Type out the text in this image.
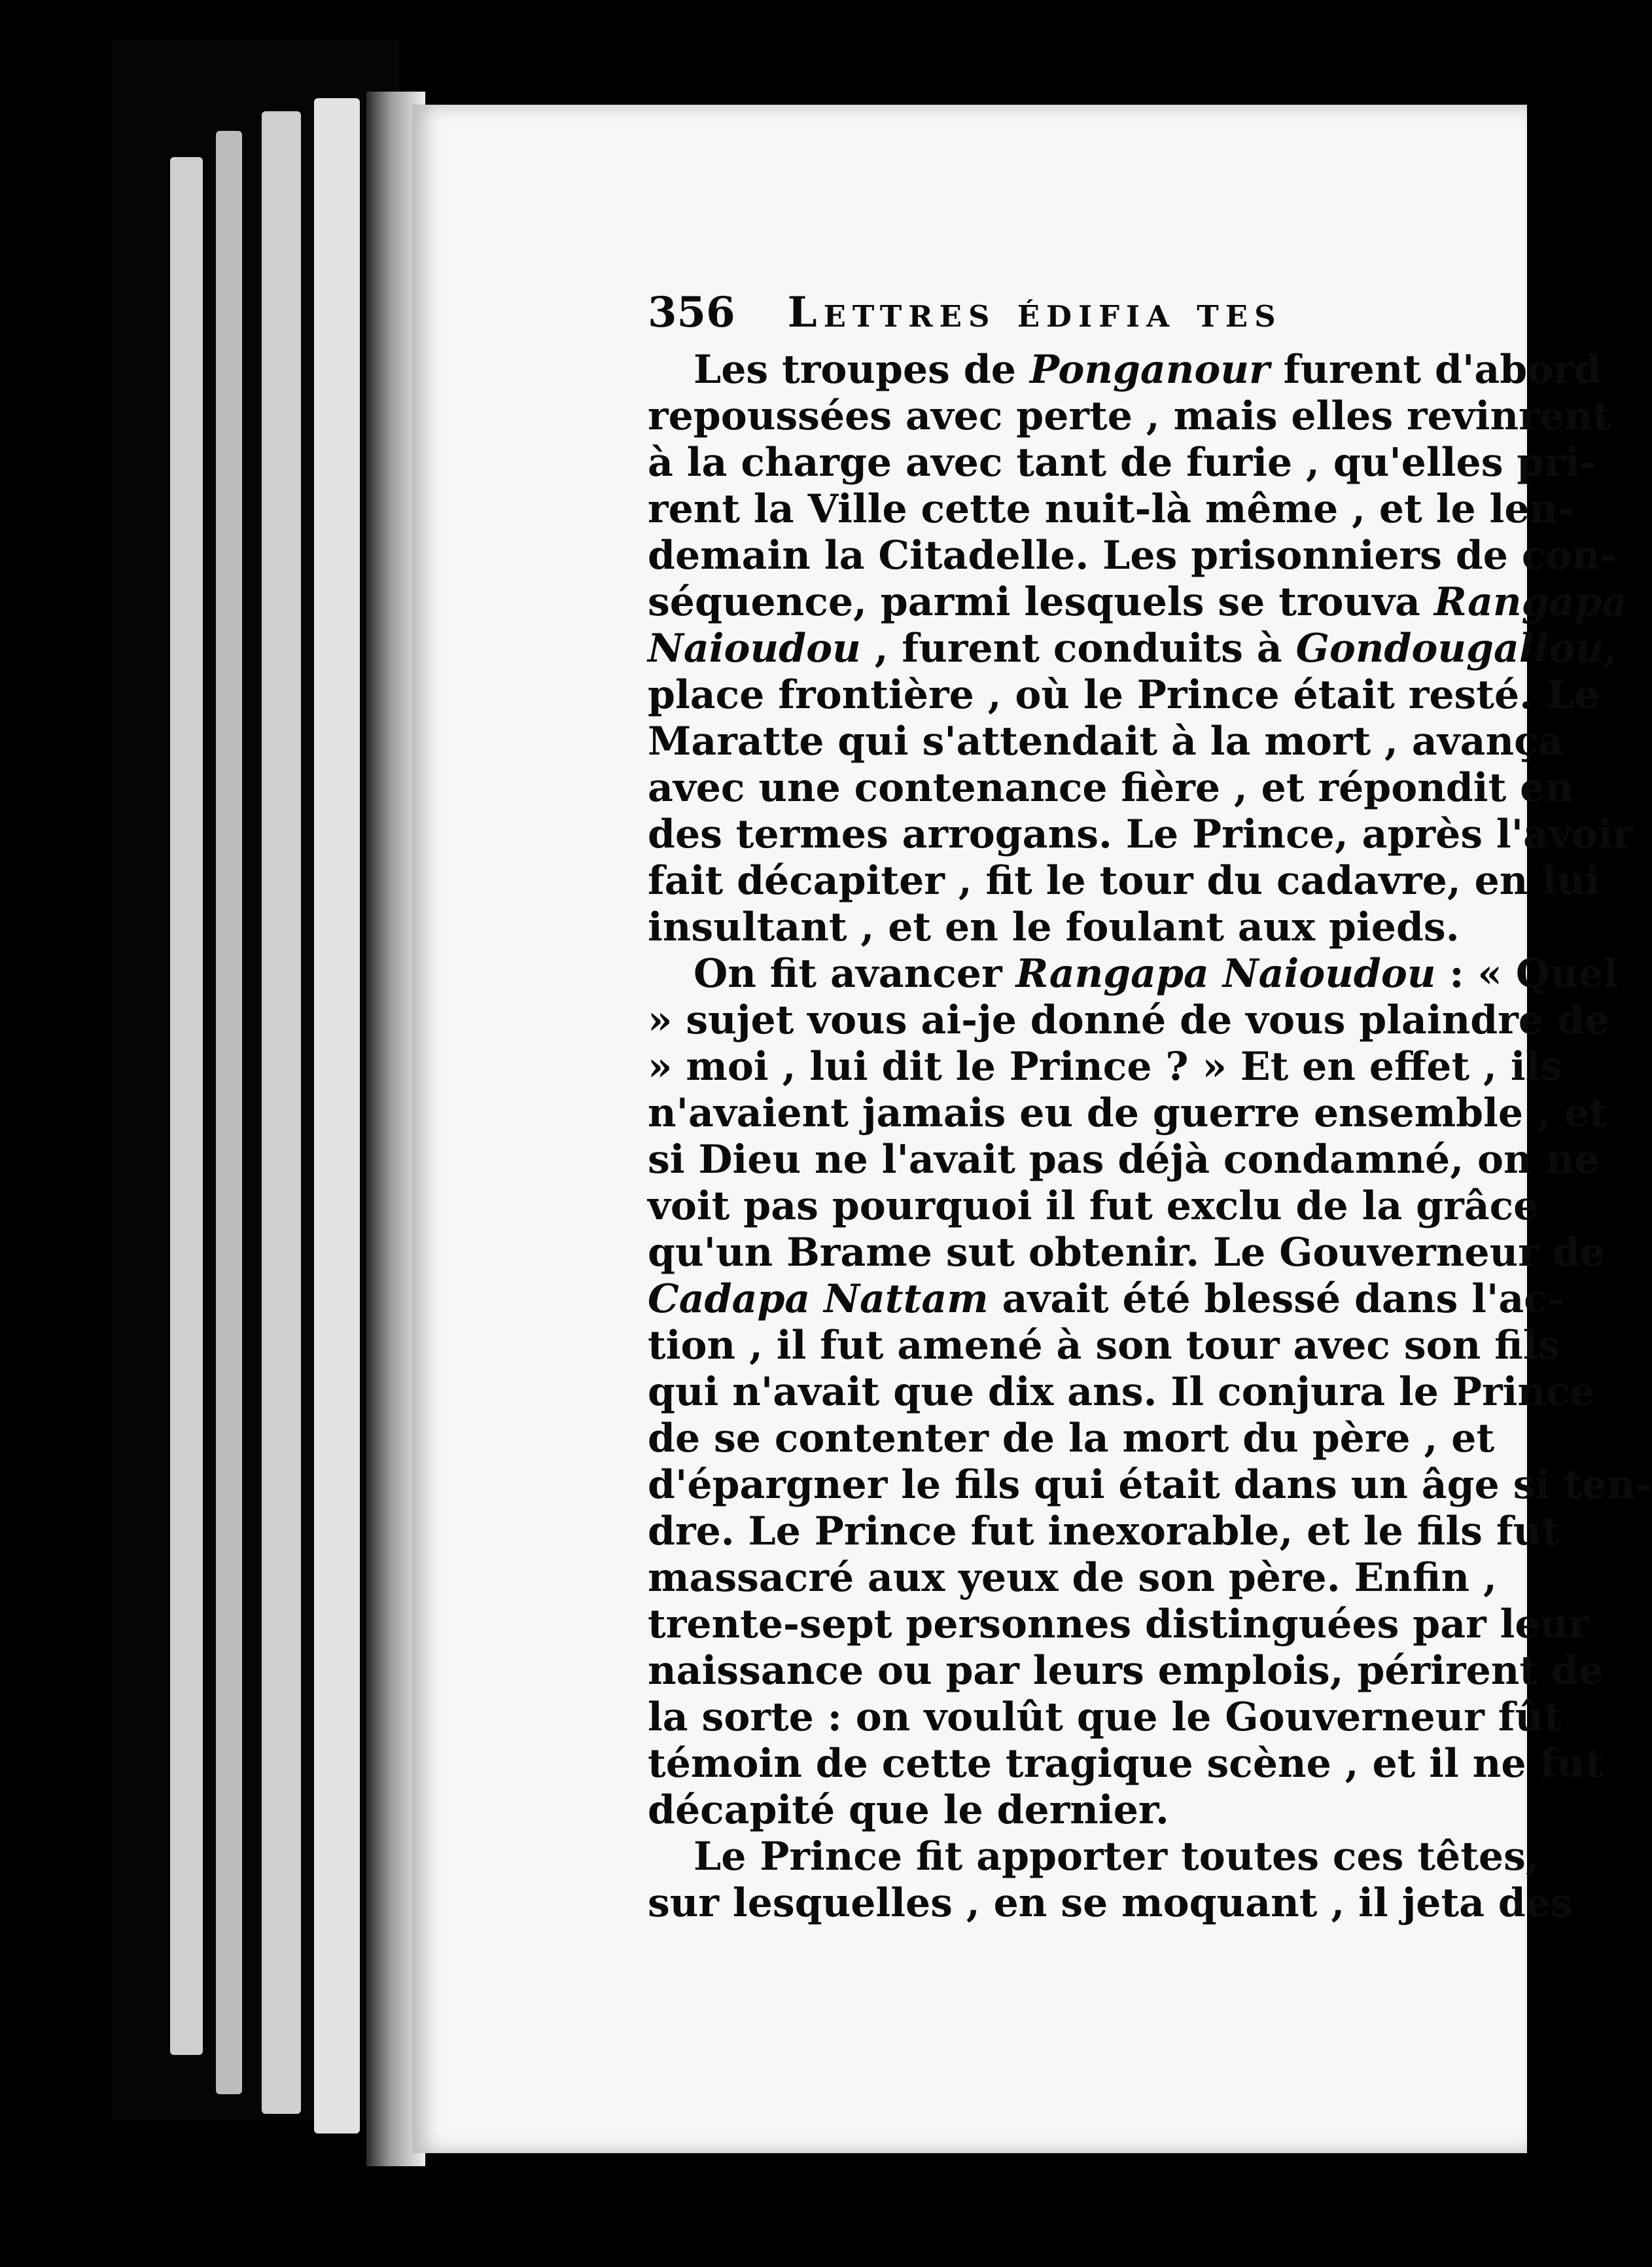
356 Lettres édifia tes
Les troupes de Ponganour furent d'abord
repoussées avec perte , mais elles revinrent
à la charge avec tant de furie , qu'elles pri-
rent la Ville cette nuit-là même , et le len-
demain la Citadelle. Les prisonniers de con-
séquence, parmi lesquels se trouva Rangapa
Naioudou , furent conduits à Gondougallou,
place frontière , où le Prince était resté. Le
Maratte qui s'attendait à la mort , avança
avec une contenance fière , et répondit en
des termes arrogans. Le Prince, après l'avoir
fait décapiter , fit le tour du cadavre, en lui
insultant , et en le foulant aux pieds.
On fit avancer Rangapa Naioudou : « Quel
» sujet vous ai-je donné de vous plaindre de
» moi , lui dit le Prince ? » Et en effet , ils
n'avaient jamais eu de guerre ensemble , et
si Dieu ne l'avait pas déjà condamné, on ne
voit pas pourquoi il fut exclu de la grâce
qu'un Brame sut obtenir. Le Gouverneur de
Cadapa Nattam avait été blessé dans l'ac-
tion , il fut amené à son tour avec son fils
qui n'avait que dix ans. Il conjura le Prince
de se contenter de la mort du père , et
d'épargner le fils qui était dans un âge si ten-
dre. Le Prince fut inexorable, et le fils fut
massacré aux yeux de son père. Enfin ,
trente-sept personnes distinguées par leur
naissance ou par leurs emplois, périrent de
la sorte : on voulût que le Gouverneur fût
témoin de cette tragique scène , et il ne fut
décapité que le dernier.
Le Prince fit apporter toutes ces têtes,
sur lesquelles , en se moquant , il jeta des
